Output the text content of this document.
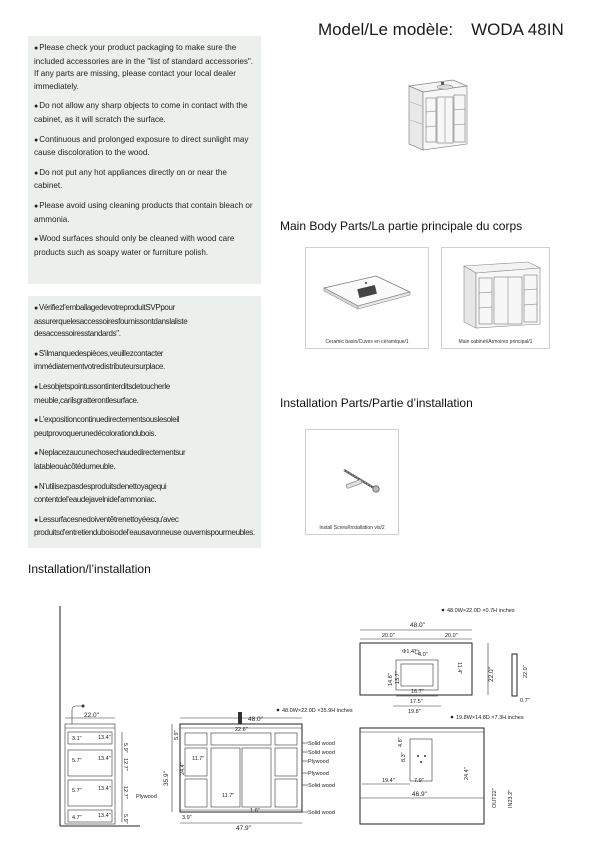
Model/Le modèle: WODA 48IN

●Please check your product packaging to make sure the included accessories are in the "list of standard accessories". If any parts are missing, please contact your local dealer immediately.

●Do not allow any sharp objects to come in contact with the cabinet, as it will scratch the surface.

●Continuous and prolonged exposure to direct sunlight may cause discoloration to the wood.

●Do not put any hot appliances directly on or near the cabinet.

●Please avoid using cleaning products that contain bleach or ammonia.

●Wood surfaces should only be cleaned with wood care products such as soapy water or furniture polish.

●Vérifiezl'emballagedevotreproduitSVPpour assurerquelesaccessoiresfournissontdanslaliste desaccessoiresstandards".

●S'ilmanquedespièces,veuillezcontacter immédiatementvotredistributeursurplace.

●Lesobjetspointussontinterditsdetoucherle meuble,carilsgratterontlesurface.

●L'expositioncontinuedirectementsouslesoleil peutprovoquerunedécolorationdubois.

●Neplacezaucunechosechaudedirectementsur latableouàcôtédumeuble.

●N'utilisezpasdesproduitsdenettoyagequi contentdel'eaudejavelnidel'ammoniac.

●Lessurfacesnedoiventêtrenettoyéesqu'avec produitsd'entretienduboisodel'eausavonneuse ouvernispourmeubles.

Main Body Parts/La partie principale du corps
Ceramic basin/Cuves en céramique/1	Main cabinet/Armoires principal/1
Installation Parts/Partie d’installation
Install Screw/Installation vis/2
Installation/l’installation
22.0"
13.4"
13.4"
13.4"
13.4"
3.1"
5.7"
5.7"
4.7"
5.9"
12.7"
12.7"
5.9"
Plywood
48.0"
48.0W×22.0D ×35.9H inches
35.9"
24.4"
22.6"
11.7"
11.7"
1.6"
3.9"
47.9"
5.9"
Solid wood
Solid wood
Plywood
Plywood
Solid wood
Solid wood
48.0W×22.0D ×0.7H inches
48.0"
20.0"	20.0"
Φ1.4" 4.0"
11.4"
14.8" 13.7"	22.0"
16.7"
17.5"
19.8"
22.0"
0.7"
19.8W×14.8D ×7.3H inches
8.3"
4.8"
7.9"
19.4"
24.4"
46.9"	OUT22" IN23.2"
